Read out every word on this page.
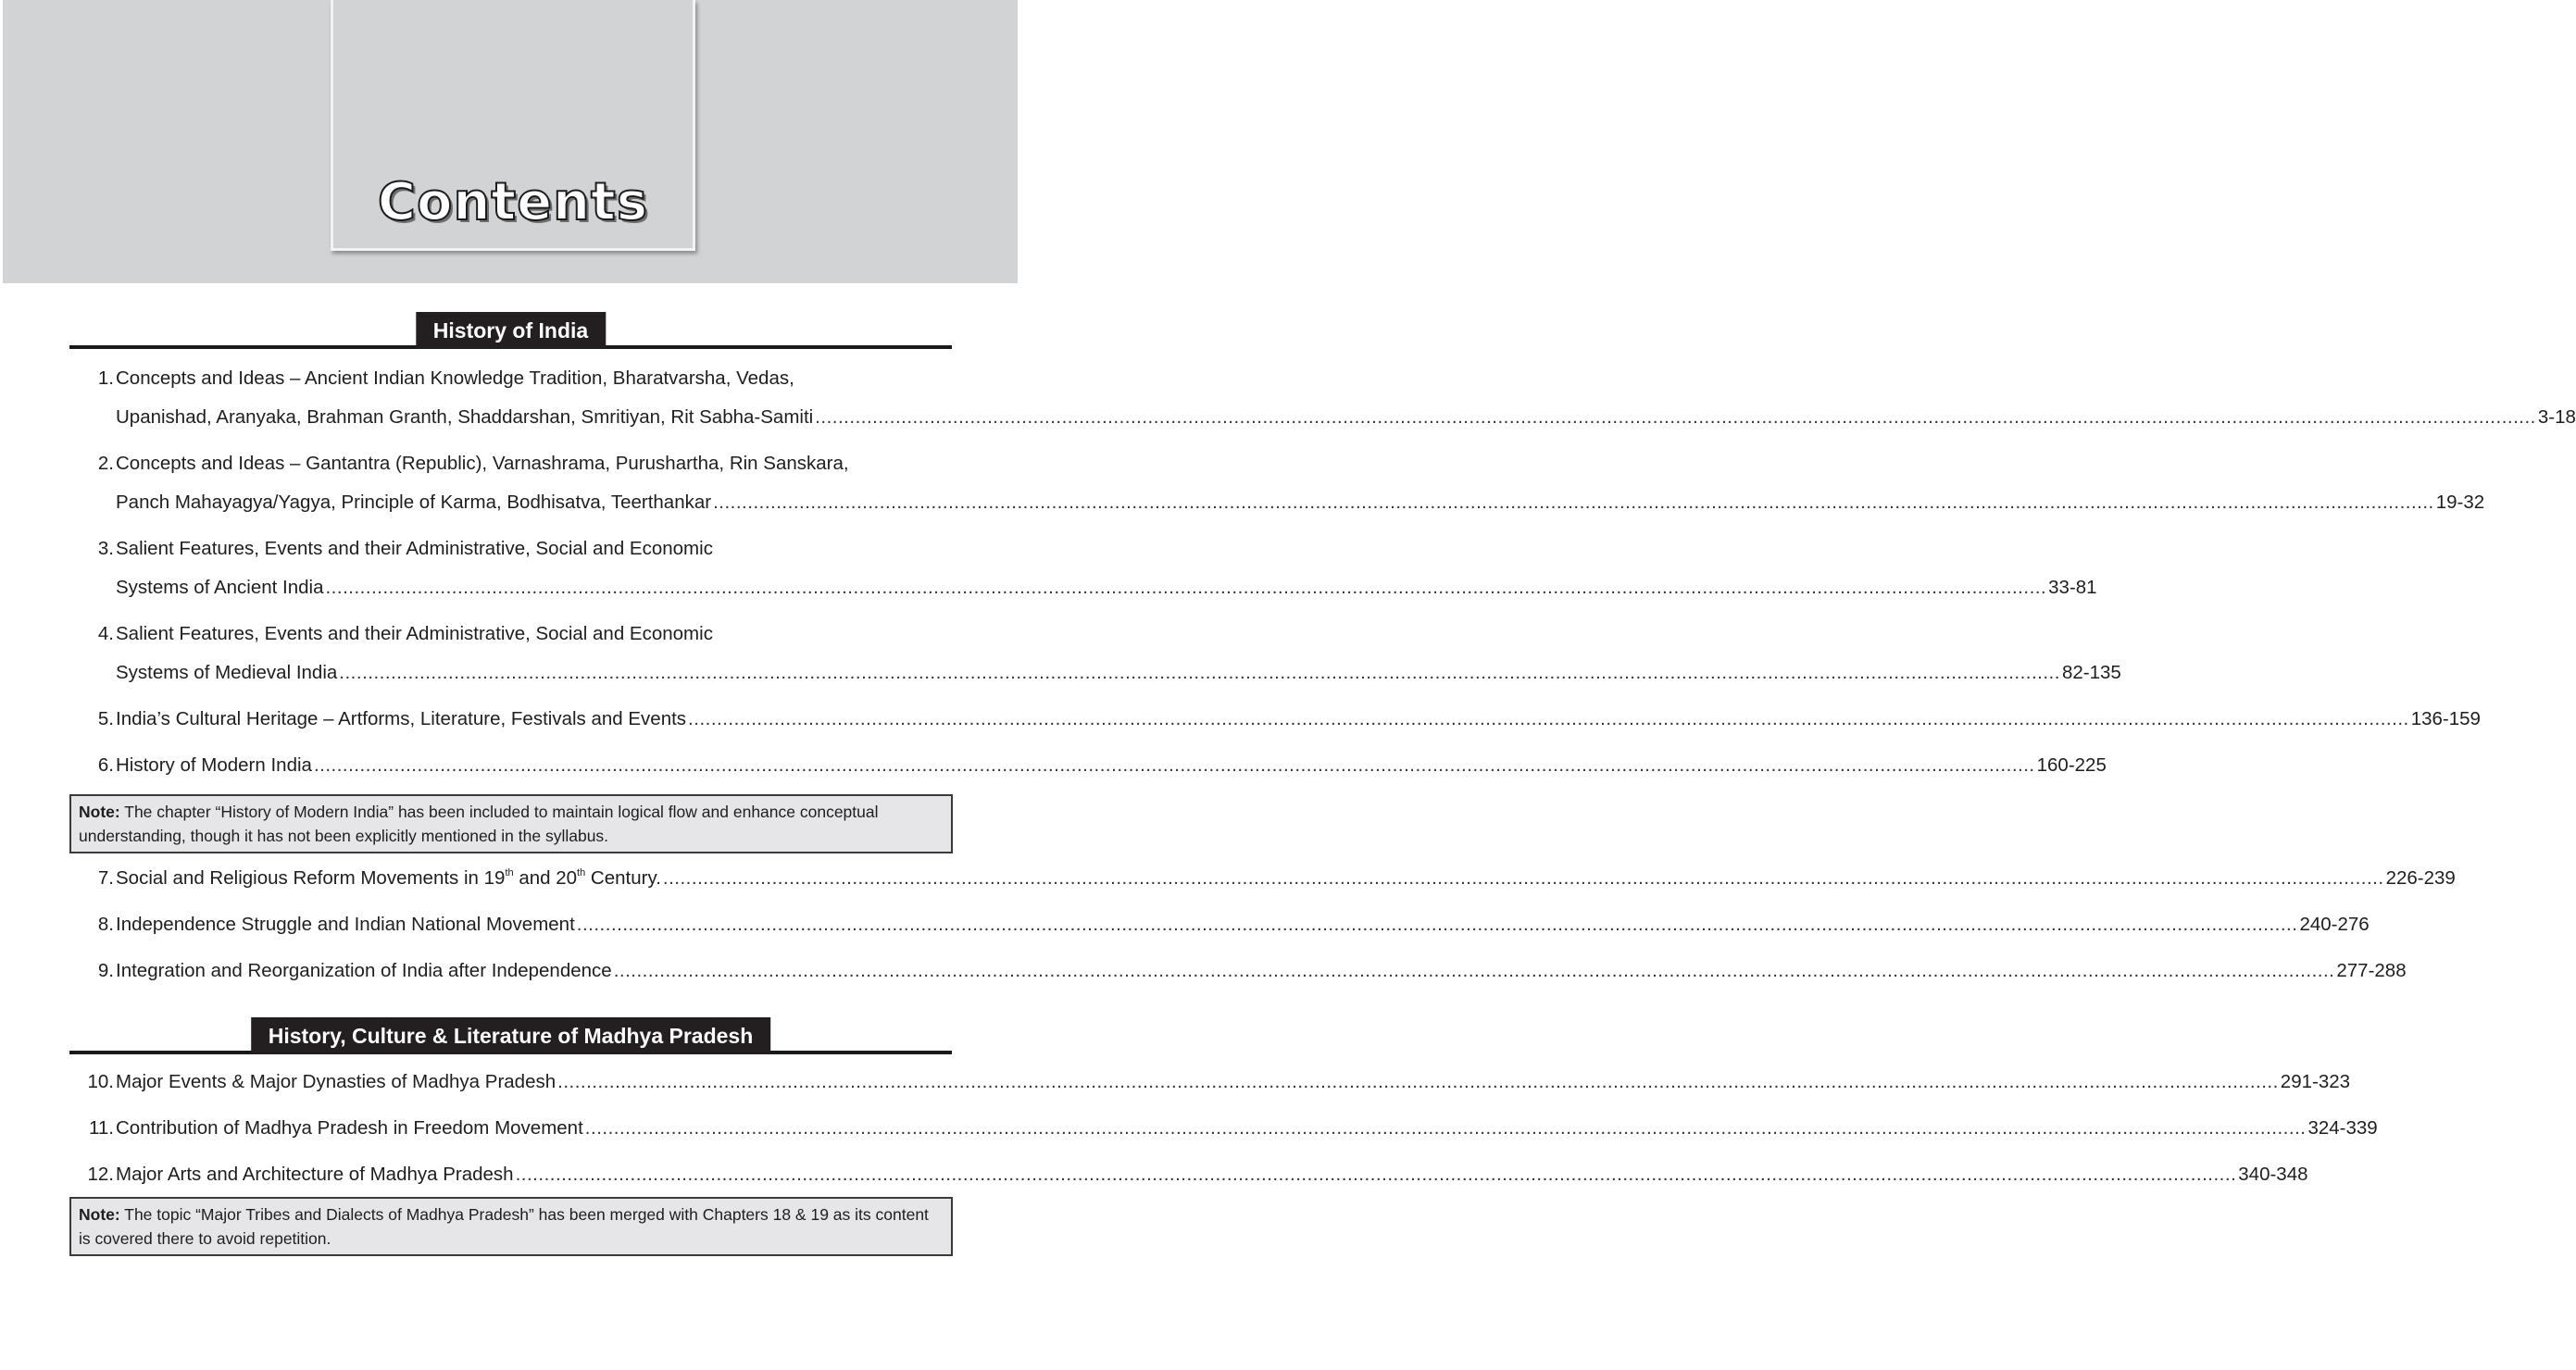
Contents
History of India
1. Concepts and Ideas – Ancient Indian Knowledge Tradition, Bharatvarsha, Vedas,
Upanishad, Aranyaka, Brahman Granth, Shaddarshan, Smritiyan, Rit Sabha-Samiti ............................................................................................................................................................................................................................................................................................................ 3-18
2. Concepts and Ideas – Gantantra (Republic), Varnashrama, Purushartha, Rin Sanskara,
Panch Mahayagya/Yagya, Principle of Karma, Bodhisatva, Teerthankar ............................................................................................................................................................................................................................................................................................................ 19-32
3. Salient Features, Events and their Administrative, Social and Economic
Systems of Ancient India ............................................................................................................................................................................................................................................................................................................ 33-81
4. Salient Features, Events and their Administrative, Social and Economic
Systems of Medieval India ............................................................................................................................................................................................................................................................................................................ 82-135
5. India’s Cultural Heritage – Artforms, Literature, Festivals and Events ............................................................................................................................................................................................................................................................................................................ 136-159
6. History of Modern India ............................................................................................................................................................................................................................................................................................................ 160-225
Note: The chapter “History of Modern India” has been included to maintain logical flow and enhance conceptual understanding, though it has not been explicitly mentioned in the syllabus.
7. Social and Religious Reform Movements in 19th and 20th Century. ............................................................................................................................................................................................................................................................................................................ 226-239
8. Independence Struggle and Indian National Movement ............................................................................................................................................................................................................................................................................................................ 240-276
9. Integration and Reorganization of India after Independence ............................................................................................................................................................................................................................................................................................................ 277-288
History, Culture & Literature of Madhya Pradesh
10. Major Events & Major Dynasties of Madhya Pradesh ............................................................................................................................................................................................................................................................................................................ 291-323
11. Contribution of Madhya Pradesh in Freedom Movement ............................................................................................................................................................................................................................................................................................................ 324-339
12. Major Arts and Architecture of Madhya Pradesh ............................................................................................................................................................................................................................................................................................................ 340-348
Note: The topic “Major Tribes and Dialects of Madhya Pradesh” has been merged with Chapters 18 & 19 as its content is covered there to avoid repetition.
